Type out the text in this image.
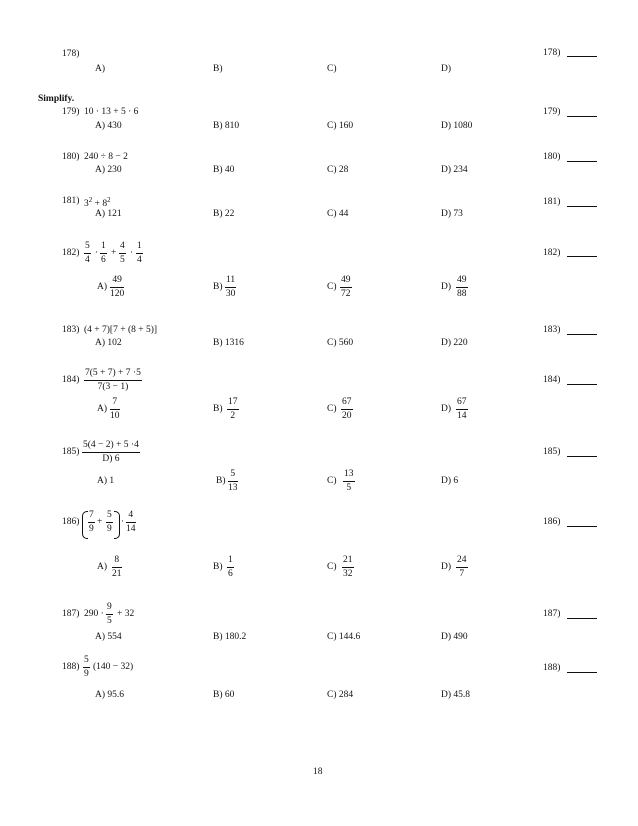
178)
A)	B)	C)	D)
178)
Simplify.
179) 10 · 13 + 5 · 6
A) 430	B) 810	C) 160	D) 1080
179)
180) 240 ÷ 8 − 2
A) 230	B) 40	C) 28	D) 234
180)
181) $3^2 + 8^2$
A) 121	B) 22	C) 44	D) 73
181)
$182) \frac{5}{4} \cdot \frac{1}{6} + \frac{4}{5} \cdot \frac{1}{4}$	182)
$A) \frac{49}{120}$	$B) \frac{11}{30}$	$C) \frac{49}{72}$	$D) \frac{49}{88}$
183) (4 + 7)[7 + (8 + 5)]
A) 102	B) 1316	C) 560	D) 220
183)
$184) \frac{7(5 + 7) + 7 \cdot 5}{7(3 - 1)}$	184)
$A) \frac{7}{10}$	$B) \frac{17}{2}$	$C) \frac{67}{20}$	$D) \frac{67}{14}$
$185) \frac{5(4 - 2) + 5 \cdot 4}{D) 6}$	185)
A) 1	$B) \frac{5}{13}$	$C) \frac{13}{5}$	D) 6
$186) \frac{7}{9} + \frac{5}{9} \cdot \frac{4}{14}$	186)
$A) \frac{8}{21}$	$B) \frac{1}{6}$	$C) \frac{21}{32}$	$D) \frac{24}{7}$
187) $290 \cdot \frac{9}{5} + 32$	187)
A) 554	B) 180.2	C) 144.6	D) 490
$188) \frac{5}{9} (140 - 32)$	188)
A) 95.6	B) 60	C) 284	D) 45.8
18
